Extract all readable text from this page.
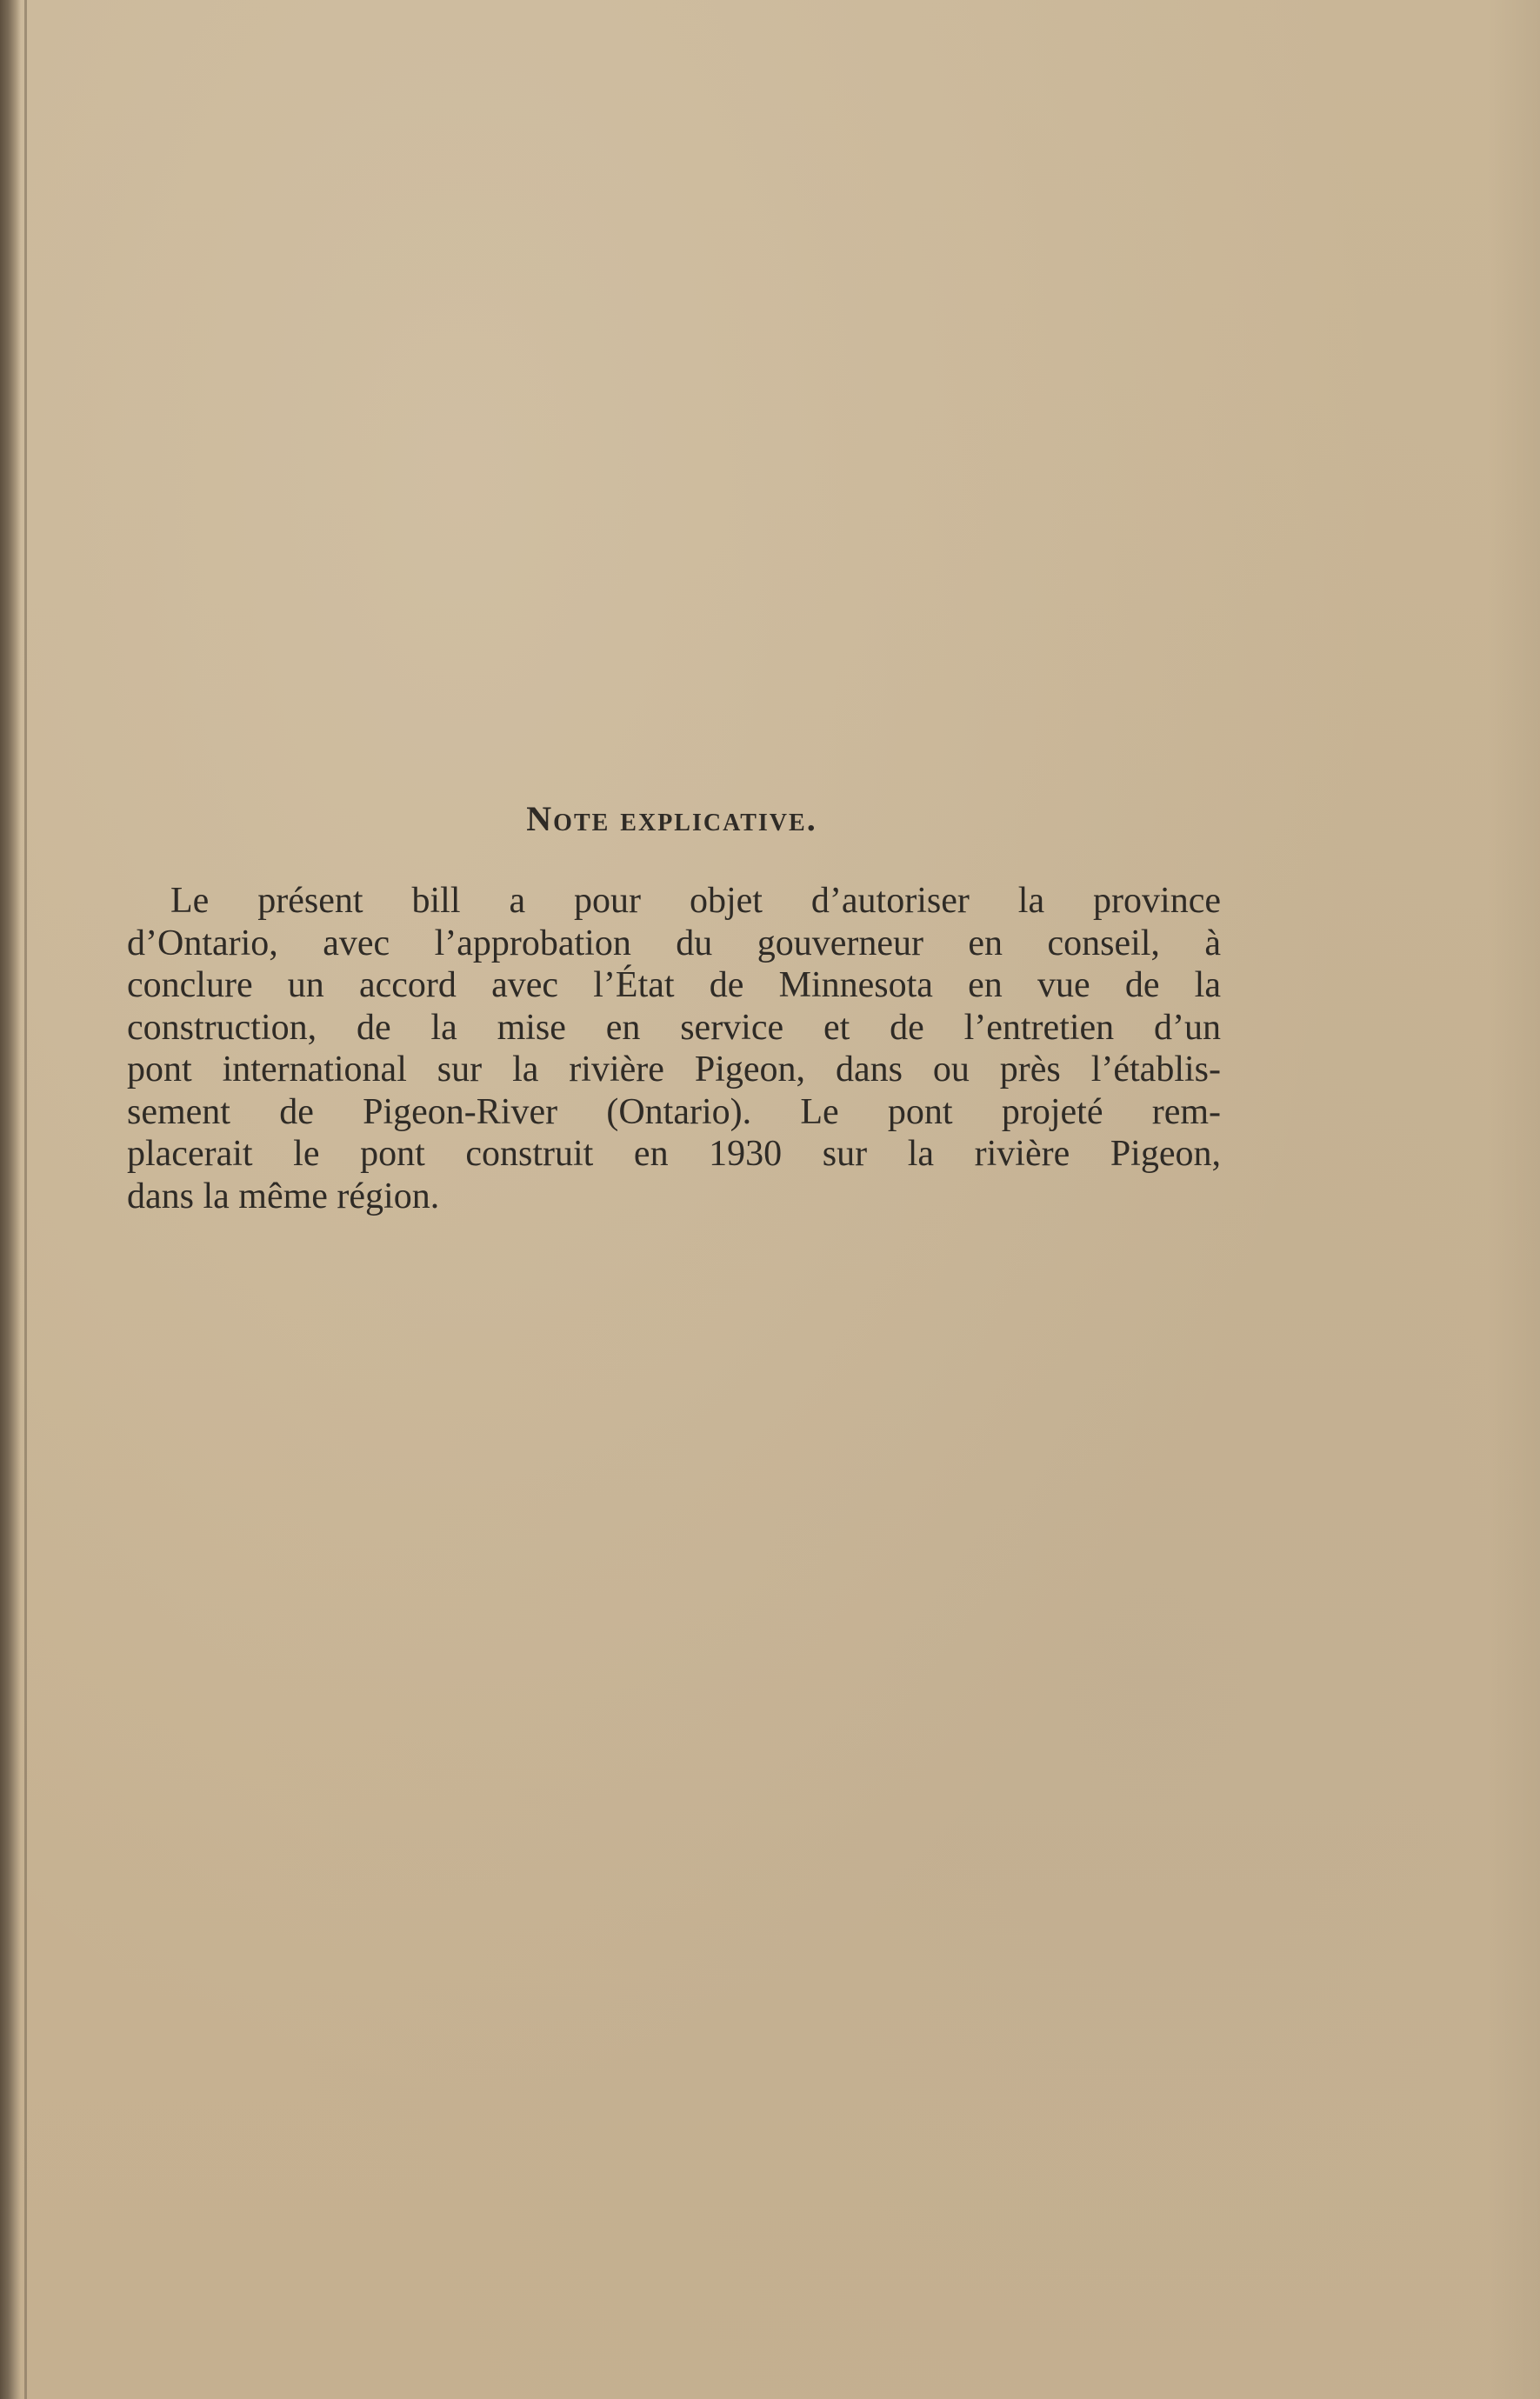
Note explicative.
Le présent bill a pour objet d’autoriser la province
d’Ontario, avec l’approbation du gouverneur en conseil, à
conclure un accord avec l’État de Minnesota en vue de la
construction, de la mise en service et de l’entretien d’un
pont international sur la rivière Pigeon, dans ou près l’établis-
sement de Pigeon-River (Ontario). Le pont projeté rem-
placerait le pont construit en 1930 sur la rivière Pigeon,
dans la même région.
